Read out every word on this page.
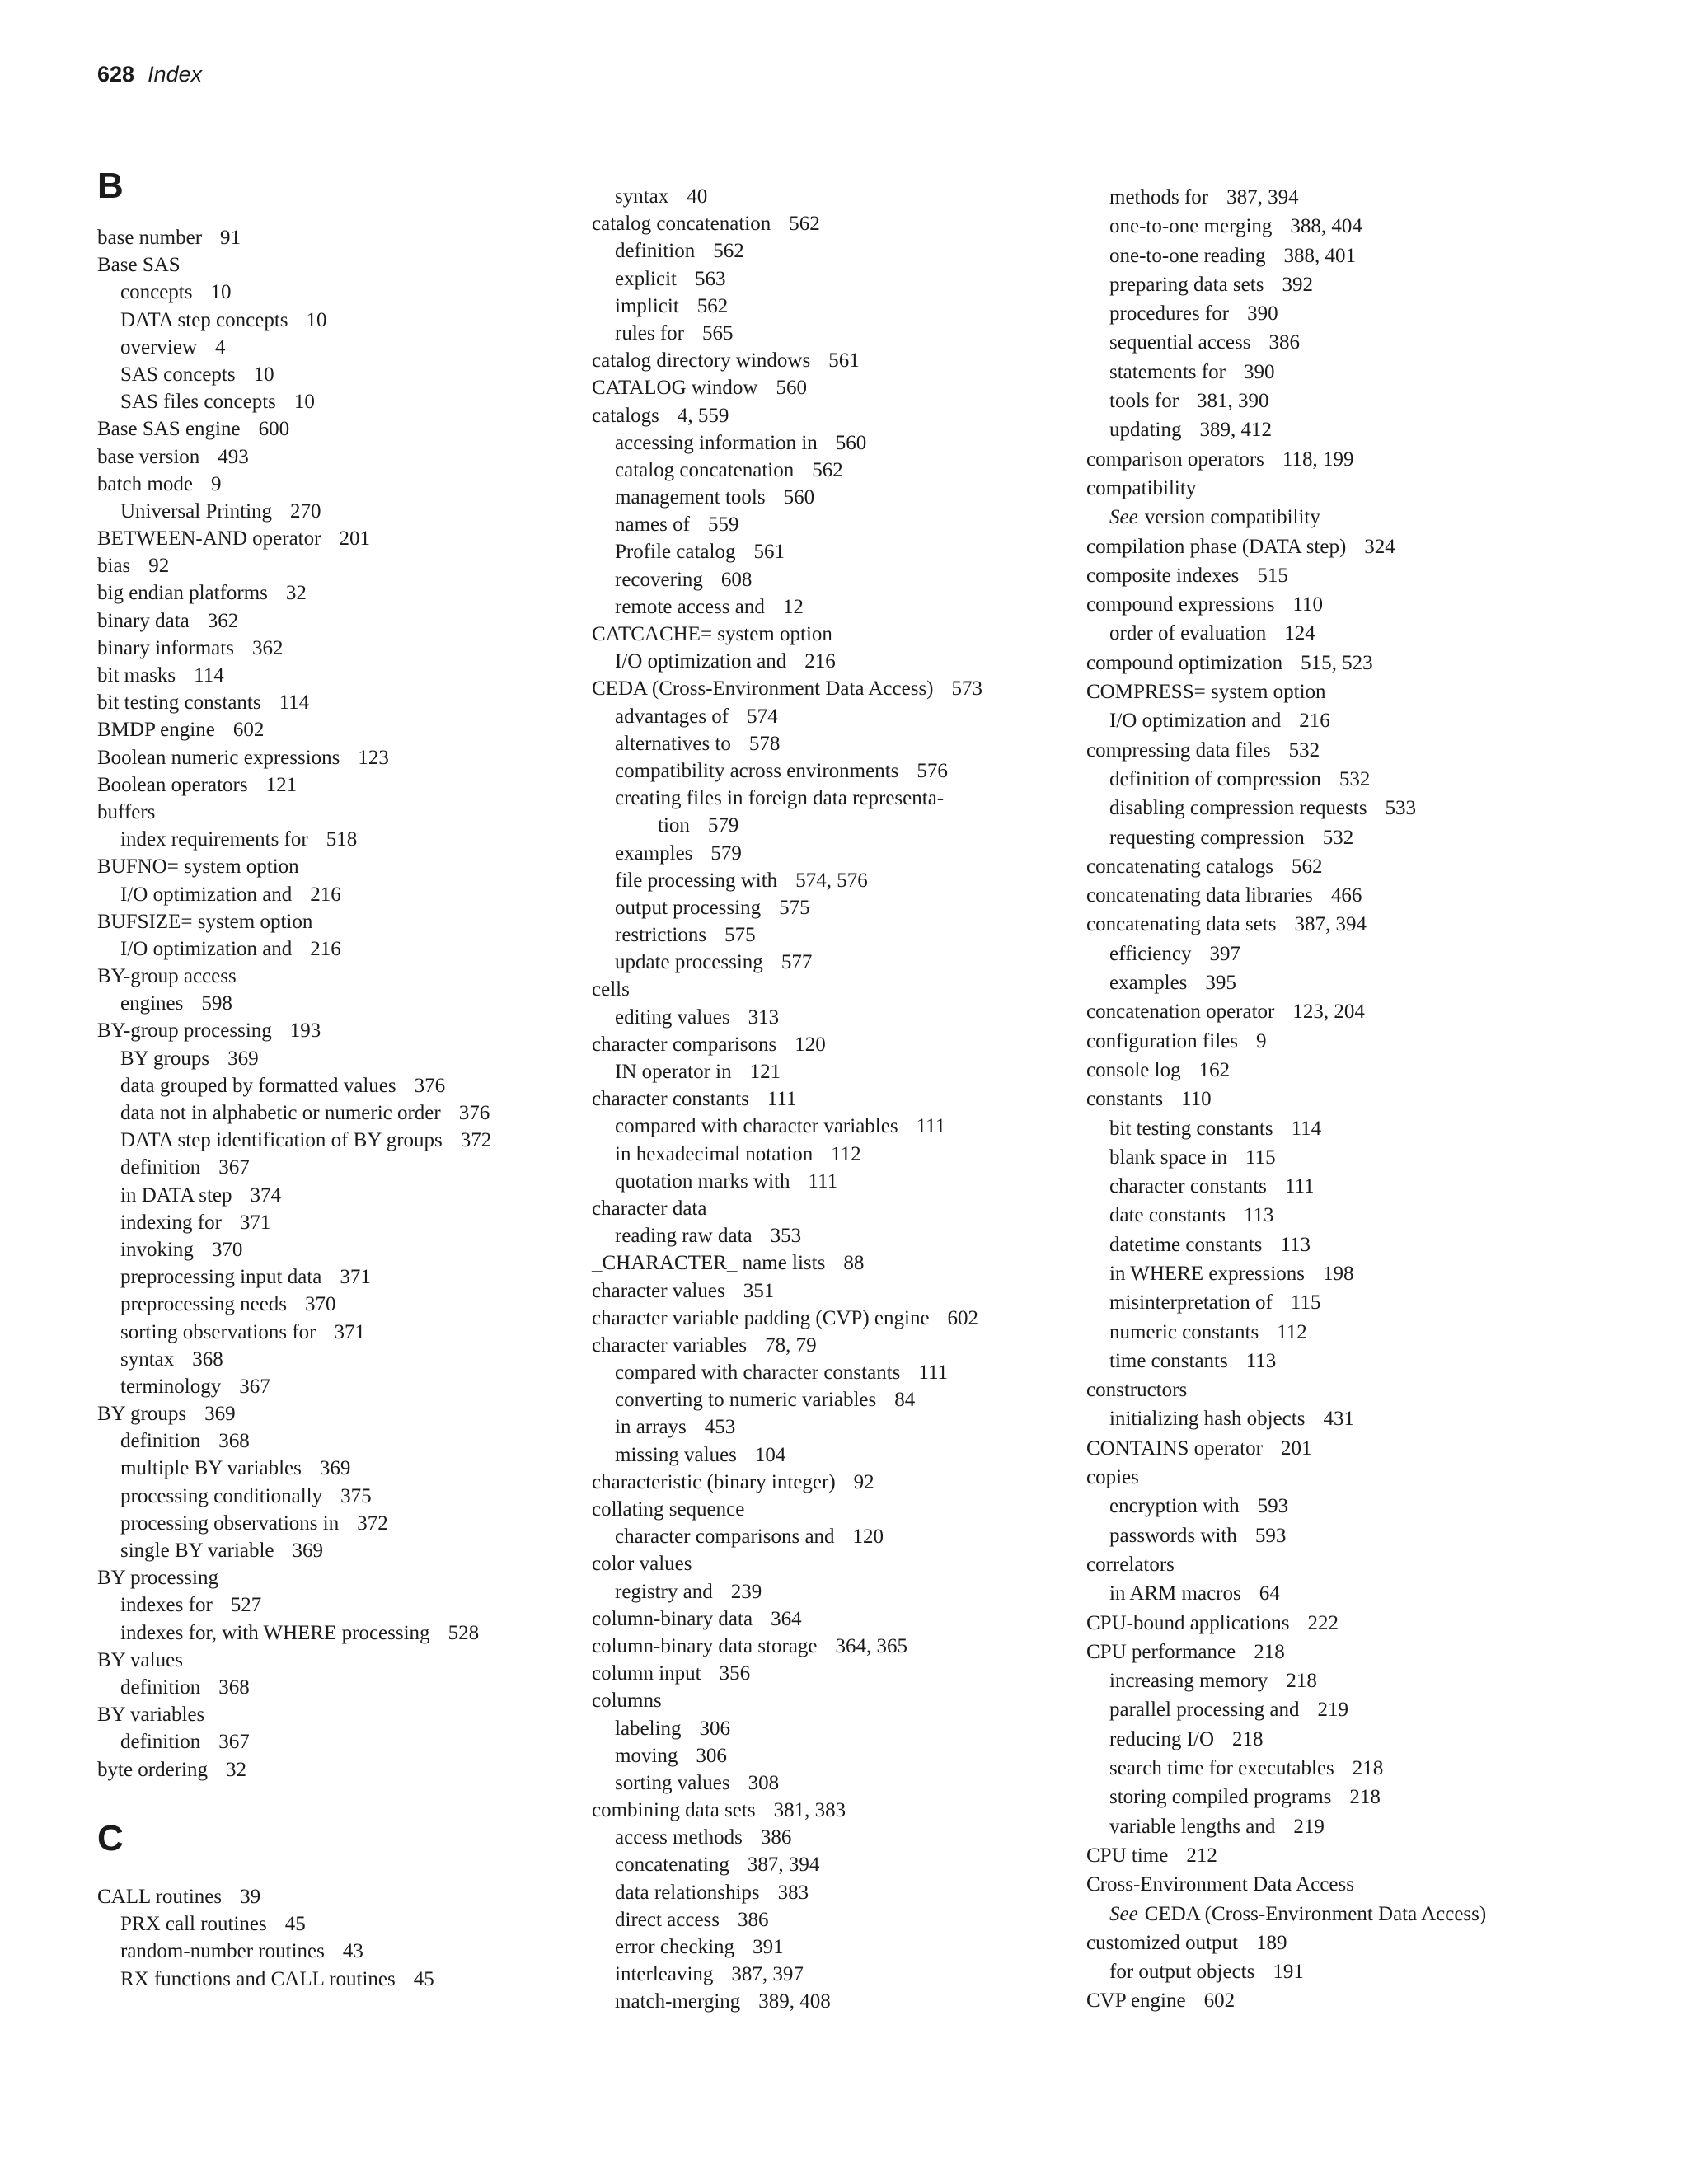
628 Index
B
base number 91
Base SAS
concepts 10
DATA step concepts 10
overview 4
SAS concepts 10
SAS files concepts 10
Base SAS engine 600
base version 493
batch mode 9
Universal Printing 270
BETWEEN-AND operator 201
bias 92
big endian platforms 32
binary data 362
binary informats 362
bit masks 114
bit testing constants 114
BMDP engine 602
Boolean numeric expressions 123
Boolean operators 121
buffers
index requirements for 518
BUFNO= system option
I/O optimization and 216
BUFSIZE= system option
I/O optimization and 216
BY-group access
engines 598
BY-group processing 193
BY groups 369
data grouped by formatted values 376
data not in alphabetic or numeric order 376
DATA step identification of BY groups 372
definition 367
in DATA step 374
indexing for 371
invoking 370
preprocessing input data 371
preprocessing needs 370
sorting observations for 371
syntax 368
terminology 367
BY groups 369
definition 368
multiple BY variables 369
processing conditionally 375
processing observations in 372
single BY variable 369
BY processing
indexes for 527
indexes for, with WHERE processing 528
BY values
definition 368
BY variables
definition 367
byte ordering 32
C
CALL routines 39
PRX call routines 45
random-number routines 43
RX functions and CALL routines 45
syntax 40
catalog concatenation 562
definition 562
explicit 563
implicit 562
rules for 565
catalog directory windows 561
CATALOG window 560
catalogs 4, 559
accessing information in 560
catalog concatenation 562
management tools 560
names of 559
Profile catalog 561
recovering 608
remote access and 12
CATCACHE= system option
I/O optimization and 216
CEDA (Cross-Environment Data Access) 573
advantages of 574
alternatives to 578
compatibility across environments 576
creating files in foreign data representa-
tion 579
examples 579
file processing with 574, 576
output processing 575
restrictions 575
update processing 577
cells
editing values 313
character comparisons 120
IN operator in 121
character constants 111
compared with character variables 111
in hexadecimal notation 112
quotation marks with 111
character data
reading raw data 353
_CHARACTER_ name lists 88
character values 351
character variable padding (CVP) engine 602
character variables 78, 79
compared with character constants 111
converting to numeric variables 84
in arrays 453
missing values 104
characteristic (binary integer) 92
collating sequence
character comparisons and 120
color values
registry and 239
column-binary data 364
column-binary data storage 364, 365
column input 356
columns
labeling 306
moving 306
sorting values 308
combining data sets 381, 383
access methods 386
concatenating 387, 394
data relationships 383
direct access 386
error checking 391
interleaving 387, 397
match-merging 389, 408
methods for 387, 394
one-to-one merging 388, 404
one-to-one reading 388, 401
preparing data sets 392
procedures for 390
sequential access 386
statements for 390
tools for 381, 390
updating 389, 412
comparison operators 118, 199
compatibility
See version compatibility
compilation phase (DATA step) 324
composite indexes 515
compound expressions 110
order of evaluation 124
compound optimization 515, 523
COMPRESS= system option
I/O optimization and 216
compressing data files 532
definition of compression 532
disabling compression requests 533
requesting compression 532
concatenating catalogs 562
concatenating data libraries 466
concatenating data sets 387, 394
efficiency 397
examples 395
concatenation operator 123, 204
configuration files 9
console log 162
constants 110
bit testing constants 114
blank space in 115
character constants 111
date constants 113
datetime constants 113
in WHERE expressions 198
misinterpretation of 115
numeric constants 112
time constants 113
constructors
initializing hash objects 431
CONTAINS operator 201
copies
encryption with 593
passwords with 593
correlators
in ARM macros 64
CPU-bound applications 222
CPU performance 218
increasing memory 218
parallel processing and 219
reducing I/O 218
search time for executables 218
storing compiled programs 218
variable lengths and 219
CPU time 212
Cross-Environment Data Access
See CEDA (Cross-Environment Data Access)
customized output 189
for output objects 191
CVP engine 602
